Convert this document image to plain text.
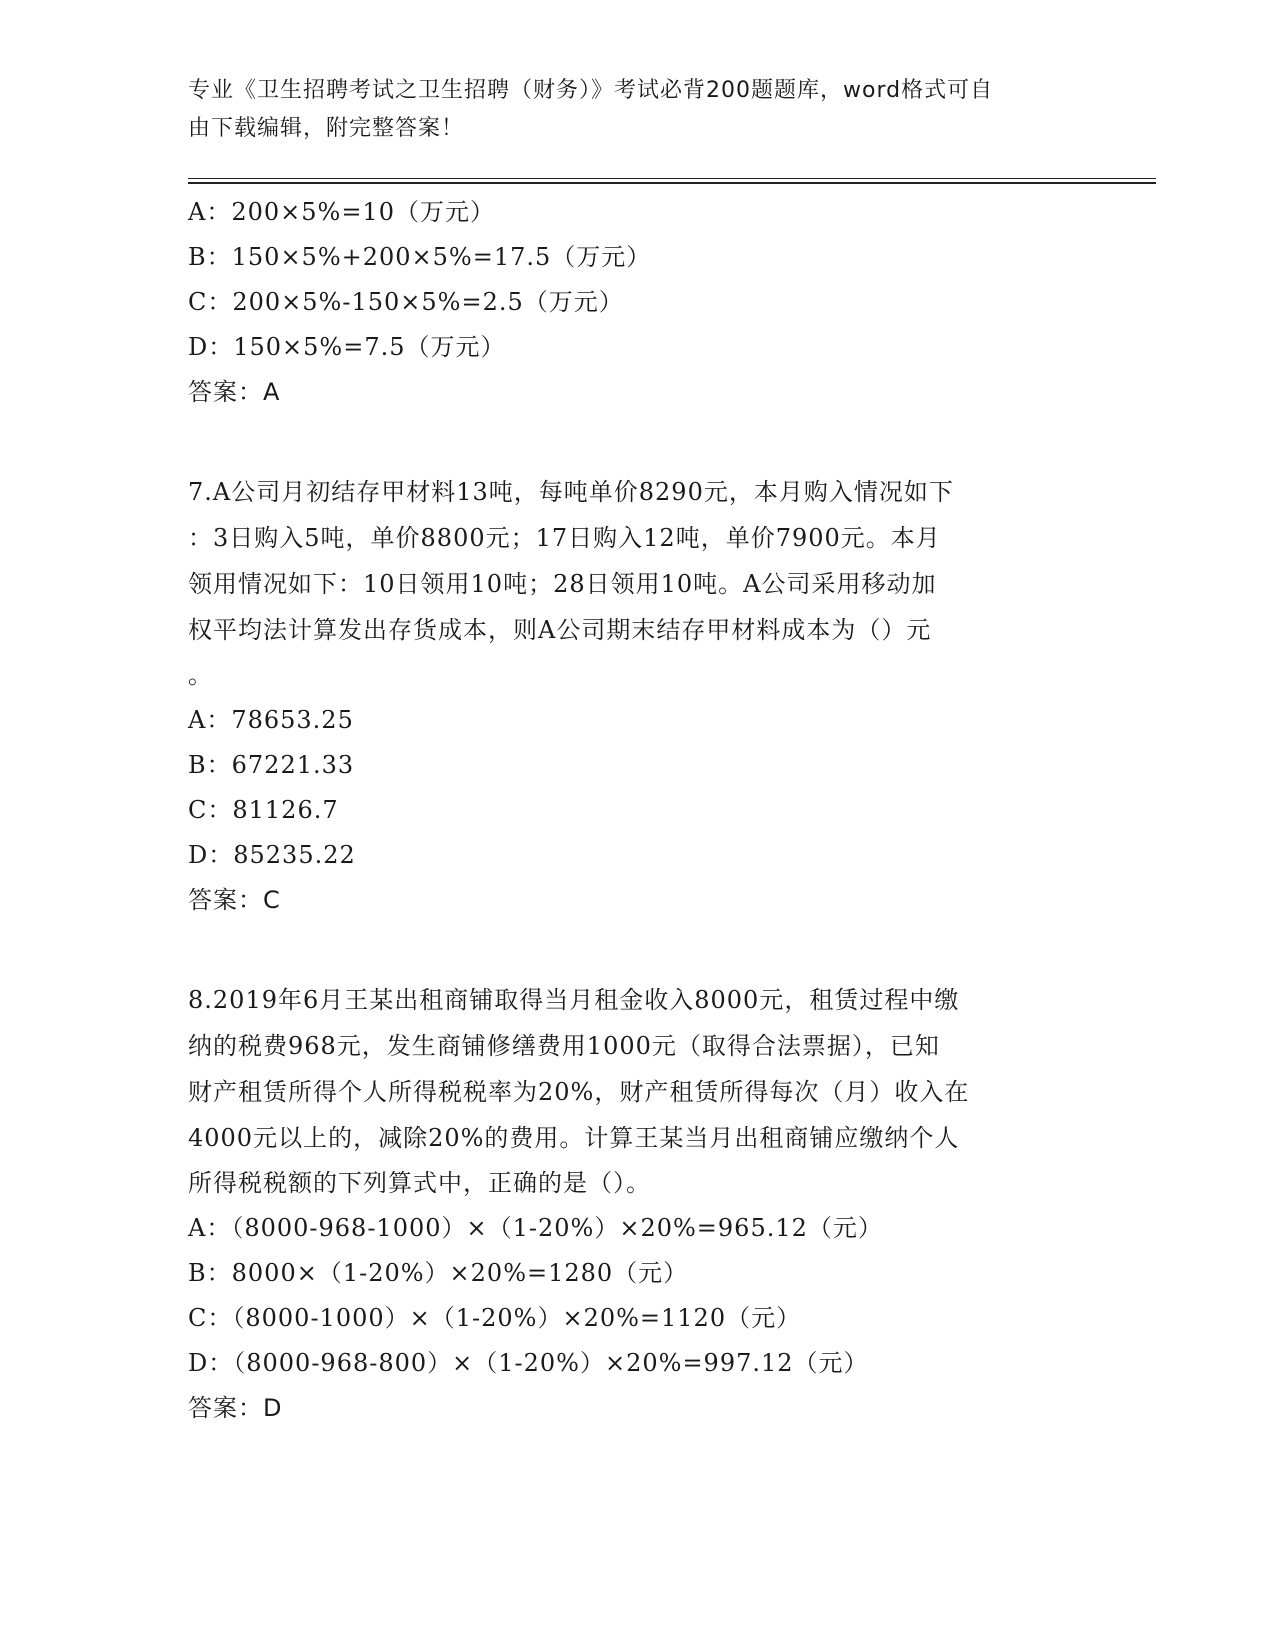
专业《卫生招聘考试之卫生招聘（财务）》考试必背200题题库，word格式可自
由下载编辑，附完整答案！
A：200×5%=10（万元）
B：150×5%+200×5%=17.5（万元）
C：200×5%-150×5%=2.5（万元）
D：150×5%=7.5（万元）
答案：A
7.A公司月初结存甲材料13吨，每吨单价8290元，本月购入情况如下
：3日购入5吨，单价8800元；17日购入12吨，单价7900元。本月
领用情况如下：10日领用10吨；28日领用10吨。A公司采用移动加
权平均法计算发出存货成本，则A公司期末结存甲材料成本为（）元
。
A：78653.25
B：67221.33
C：81126.7
D：85235.22
答案：C
8.2019年6月王某出租商铺取得当月租金收入8000元，租赁过程中缴
纳的税费968元，发生商铺修缮费用1000元（取得合法票据），已知
财产租赁所得个人所得税税率为20%，财产租赁所得每次（月）收入在
4000元以上的，减除20%的费用。计算王某当月出租商铺应缴纳个人
所得税税额的下列算式中，正确的是（）。
A：（8000-968-1000）×（1-20%）×20%=965.12（元）
B：8000×（1-20%）×20%=1280（元）
C：（8000-1000）×（1-20%）×20%=1120（元）
D：（8000-968-800）×（1-20%）×20%=997.12（元）
答案：D
